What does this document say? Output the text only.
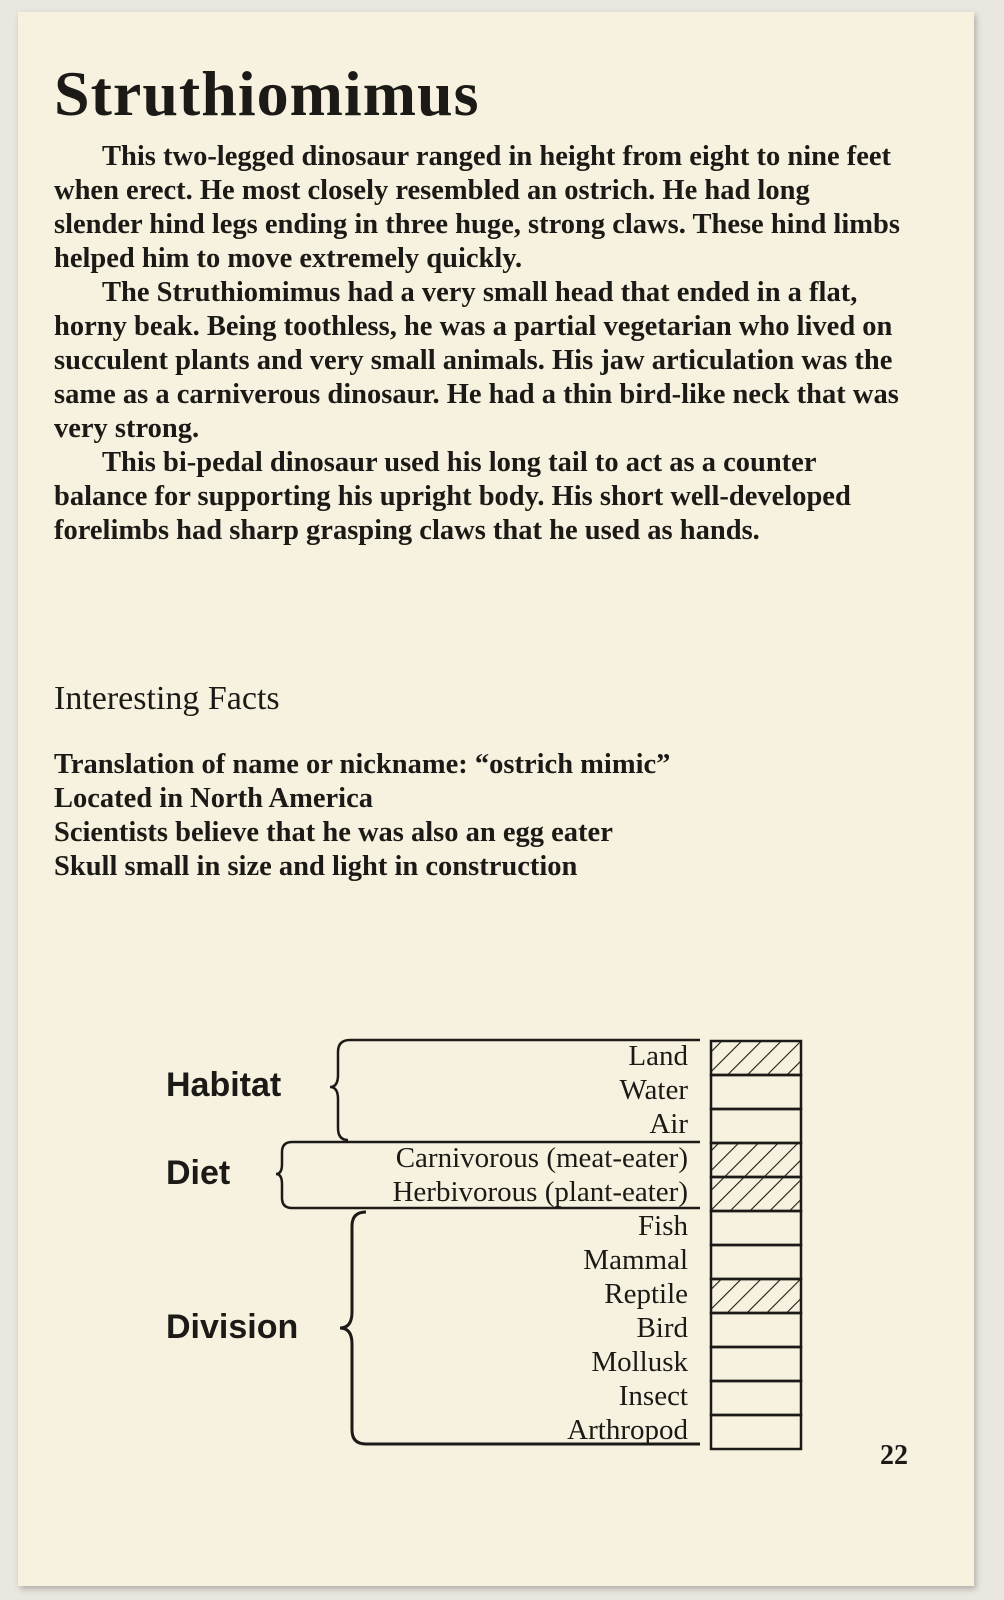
Struthiomimus

This two-legged dinosaur ranged in height from eight to nine feet when erect. He most closely resembled an ostrich. He had long slender hind legs ending in three huge, strong claws. These hind limbs helped him to move extremely quickly.

The Struthiomimus had a very small head that ended in a flat, horny beak. Being toothless, he was a partial vegetarian who lived on succulent plants and very small animals. His jaw articulation was the same as a carniverous dinosaur. He had a thin bird-like neck that was very strong.

This bi-pedal dinosaur used his long tail to act as a counter balance for supporting his upright body. His short well-developed forelimbs had sharp grasping claws that he used as hands.

Interesting Facts
Translation of name or nickname: “ostrich mimic”
Located in North America
Scientists believe that he was also an egg eater
Skull small in size and light in construction
Habitat
Diet
Division
Land
Water
Air
Carnivorous (meat-eater)
Herbivorous (plant-eater)
Fish
Mammal
Reptile
Bird
Mollusk
Insect
Arthropod
22
